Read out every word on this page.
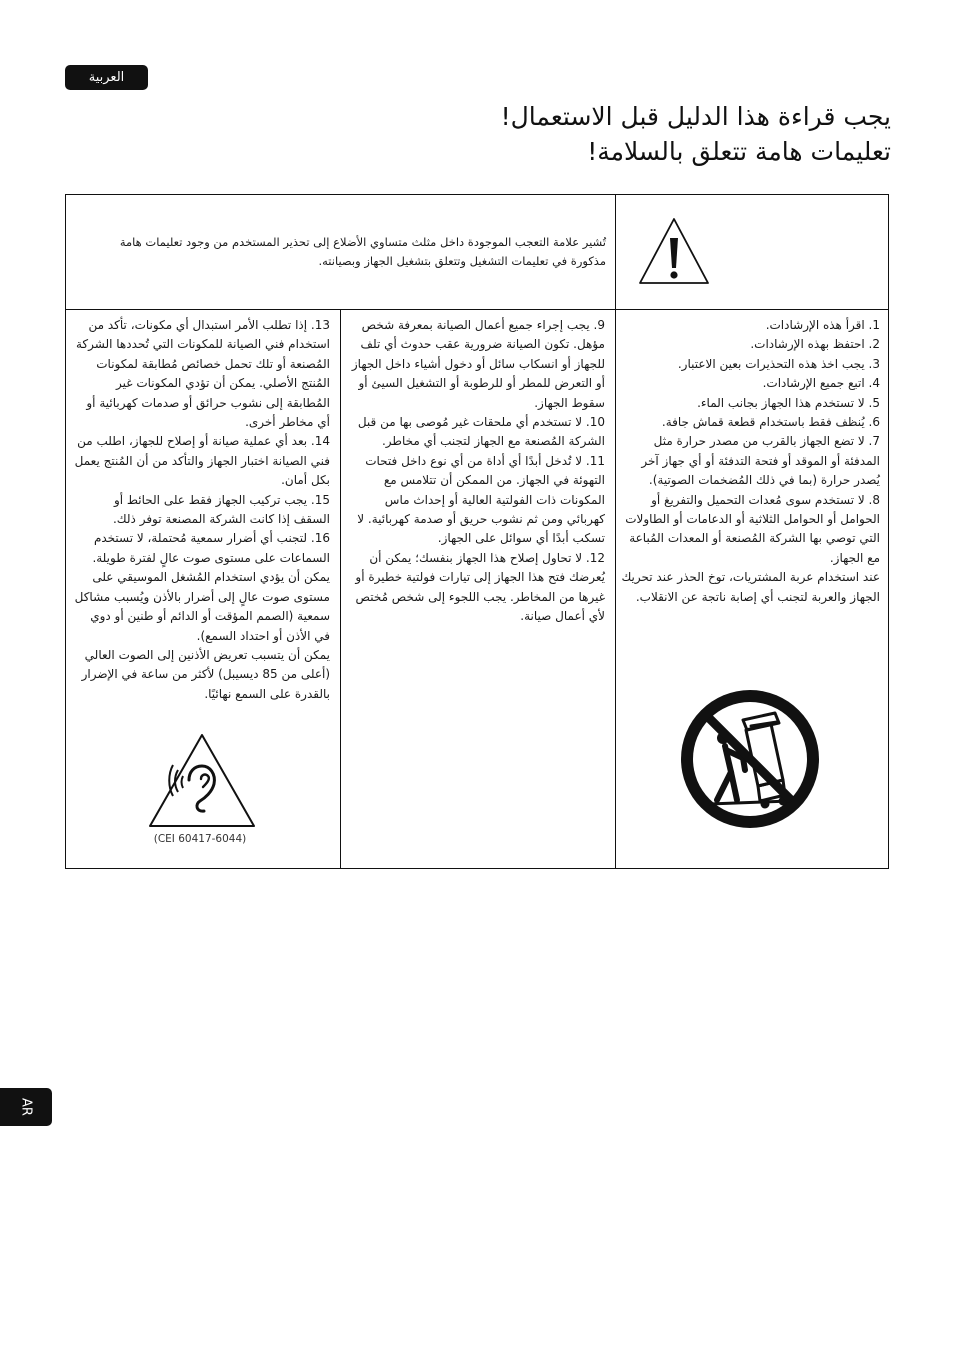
العربية
يجب قراءة هذا الدليل قبل الاستعمال!
تعليمات هامة تتعلق بالسلامة!
تُشير علامة التعجب الموجودة داخل مثلث متساوي الأضلاع إلى تحذير المستخدم من وجود تعليمات هامة مذكورة في تعليمات التشغيل وتتعلق بتشغيل الجهاز وبصيانته.

1. اقرأ هذه الإرشادات.

2. احتفظ بهذه الإرشادات.

3. يجب اخذ هذه التحذيرات بعين الاعتبار.

4. اتبع جميع الإرشادات.

5. لا تستخدم هذا الجهاز بجانب الماء.

6. يُنظف فقط باستخدام قطعة قماش جافة.

7. لا تضع الجهاز بالقرب من مصدر حرارة مثل المدفئة أو الموقد أو فتحة التدفئة أو أي جهاز آخر يُصدر حرارة (بما في ذلك المُضخمات الصوتية).

8. لا تستخدم سوى مُعدات التحميل والتفريغ أو الحوامل أو الحوامل الثلاثية أو الدعامات أو الطاولات التي توصي بها الشركة المُصنعة أو المعدات المُباعة مع الجهاز.

عند استخدام عربة المشتريات، توخ الحذر عند تحريك الجهاز والعربة لتجنب أي إصابة ناتجة عن الانقلاب.

9. يجب إجراء جميع أعمال الصيانة بمعرفة شخص مؤهل. تكون الصيانة ضرورية عقب حدوث أي تلف للجهاز أو انسكاب سائل أو دخول أشياء داخل الجهاز أو التعرض للمطر أو للرطوبة أو التشغيل السيئ أو سقوط الجهاز.

10. لا تستخدم أي ملحقات غير مُوصى بها من قبل الشركة المُصنعة مع الجهاز لتجنب أي مخاطر.

11. لا تُدخل أبدًا أي أداة من أي نوع داخل فتحات التهوئة في الجهاز. من الممكن أن تتلامس مع المكونات ذات الفولتية العالية أو إحداث ماس كهربائي ومن ثم نشوب حريق أو صدمة كهربائية. لا تسكب أبدًا أي سوائل على الجهاز.

12. لا تحاول إصلاح هذا الجهاز بنفسك؛ يمكن أن يُعرضك فتح هذا الجهاز إلى تيارات فولتية خطيرة أو غيرها من المخاطر. يجب اللجوء إلى شخص مُختص لأي أعمال صيانة.

13. إذا تطلب الأمر استبدال أي مكونات، تأكد من استخدام فني الصيانة للمكونات التي تُحددها الشركة المُصنعة أو تلك تحمل خصائص مُطابقة لمكونات المُنتج الأصلي. يمكن أن تؤدي المكونات غير المُطابقة إلى نشوب حرائق أو صدمات كهربائية أو أي مخاطر أخرى.

14. بعد أي عملية صيانة أو إصلاح للجهاز، اطلب من فني الصيانة اختبار الجهاز والتأكد من أن المُنتج يعمل بكل أمان.

15. يجب تركيب الجهاز فقط على الحائط أو السقف إذا كانت الشركة المصنعة توفر ذلك.

16. لتجنب أي أضرار سمعية مُحتملة، لا تستخدم السماعات على مستوى صوت عالٍ لفترة طويلة. يمكن أن يؤدي استخدام المُشغل الموسيقي على مستوى صوت عالٍ إلى أضرار بالأذن ويُسبب مشاكل سمعية (الصمم المؤقت أو الدائم أو طنين أو دوي في الأذن أو احتداد السمع).

يمكن أن يتسبب تعريض الأذنين إلى الصوت العالي (أعلى من 85 ديسيبل) لأكثر من ساعة في الإضرار بالقدرة على السمع نهائيًا.

(CEI 60417-6044)
AR
